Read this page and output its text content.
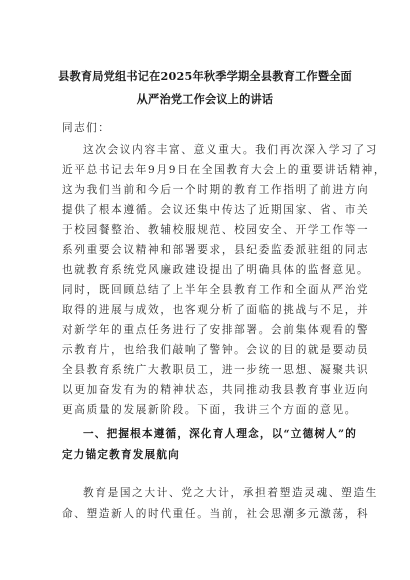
县教育局党组书记在2025年秋季学期全县教育工作暨全面
从严治党工作会议上的讲话
同志们：
这次会议内容丰富、意义重大。我们再次深入学习了习
近平总书记去年9月9日在全国教育大会上的重要讲话精神，
这为我们当前和今后一个时期的教育工作指明了前进方向
提供了根本遵循。会议还集中传达了近期国家、省、市关
于校园餐整治、教辅校服规范、校园安全、开学工作等一
系列重要会议精神和部署要求，县纪委监委派驻组的同志
也就教育系统党风廉政建设提出了明确具体的监督意见。
同时，既回顾总结了上半年全县教育工作和全面从严治党
取得的进展与成效，也客观分析了面临的挑战与不足，并
对新学年的重点任务进行了安排部署。会前集体观看的警
示教育片，也给我们敲响了警钟。会议的目的就是要动员
全县教育系统广大教职员工，进一步统一思想、凝聚共识
以更加奋发有为的精神状态，共同推动我县教育事业迈向
更高质量的发展新阶段。下面，我讲三个方面的意见。
一、把握根本遵循，深化育人理念，以“立德树人”的
定力锚定教育发展航向
教育是国之大计、党之大计，承担着塑造灵魂、塑造生
命、塑造新人的时代重任。当前，社会思潮多元激荡，科
